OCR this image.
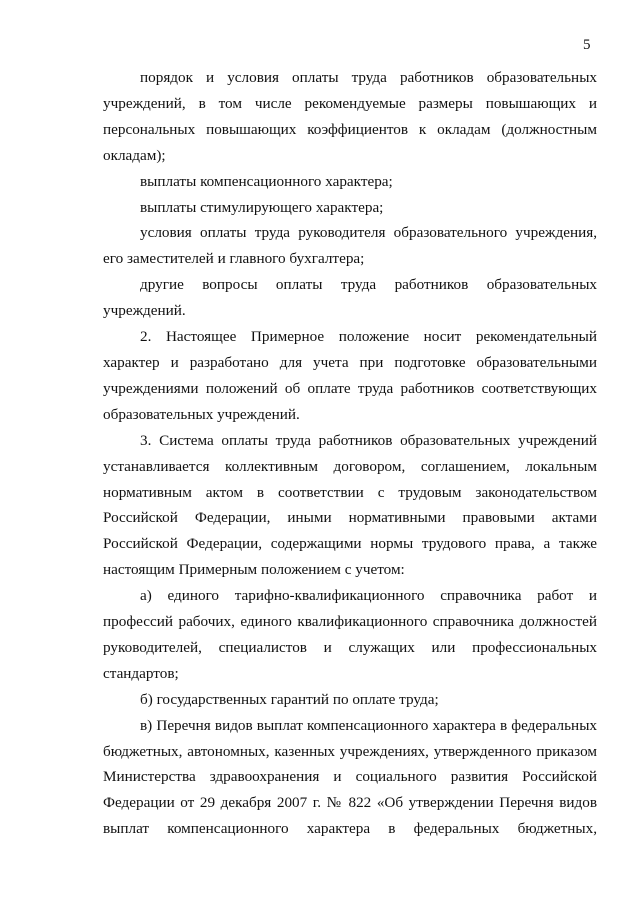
5

порядок и условия оплаты труда работников образовательных учреждений, в том числе рекомендуемые размеры повышающих и персональных повышающих коэффициентов к окладам (должностным окладам);

выплаты компенсационного характера;

выплаты стимулирующего характера;

условия оплаты труда руководителя образовательного учреждения, его заместителей и главного бухгалтера;

другие вопросы оплаты труда работников образовательных учреждений.

2. Настоящее Примерное положение носит рекомендательный характер и разработано для учета при подготовке образовательными учреждениями положений об оплате труда работников соответствующих образовательных учреждений.

3. Система оплаты труда работников образовательных учреждений устанавливается коллективным договором, соглашением, локальным нормативным актом в соответствии с трудовым законодательством Российской Федерации, иными нормативными правовыми актами Российской Федерации, содержащими нормы трудового права, а также настоящим Примерным положением с учетом:

а) единого тарифно-квалификационного справочника работ и профессий рабочих, единого квалификационного справочника должностей руководителей, специалистов и служащих или профессиональных стандартов;

б) государственных гарантий по оплате труда;

в) Перечня видов выплат компенсационного характера в федеральных бюджетных, автономных, казенных учреждениях, утвержденного приказом Министерства здравоохранения и социального развития Российской Федерации от 29 декабря 2007 г. № 822 «Об утверждении Перечня видов выплат компенсационного характера в федеральных бюджетных,
